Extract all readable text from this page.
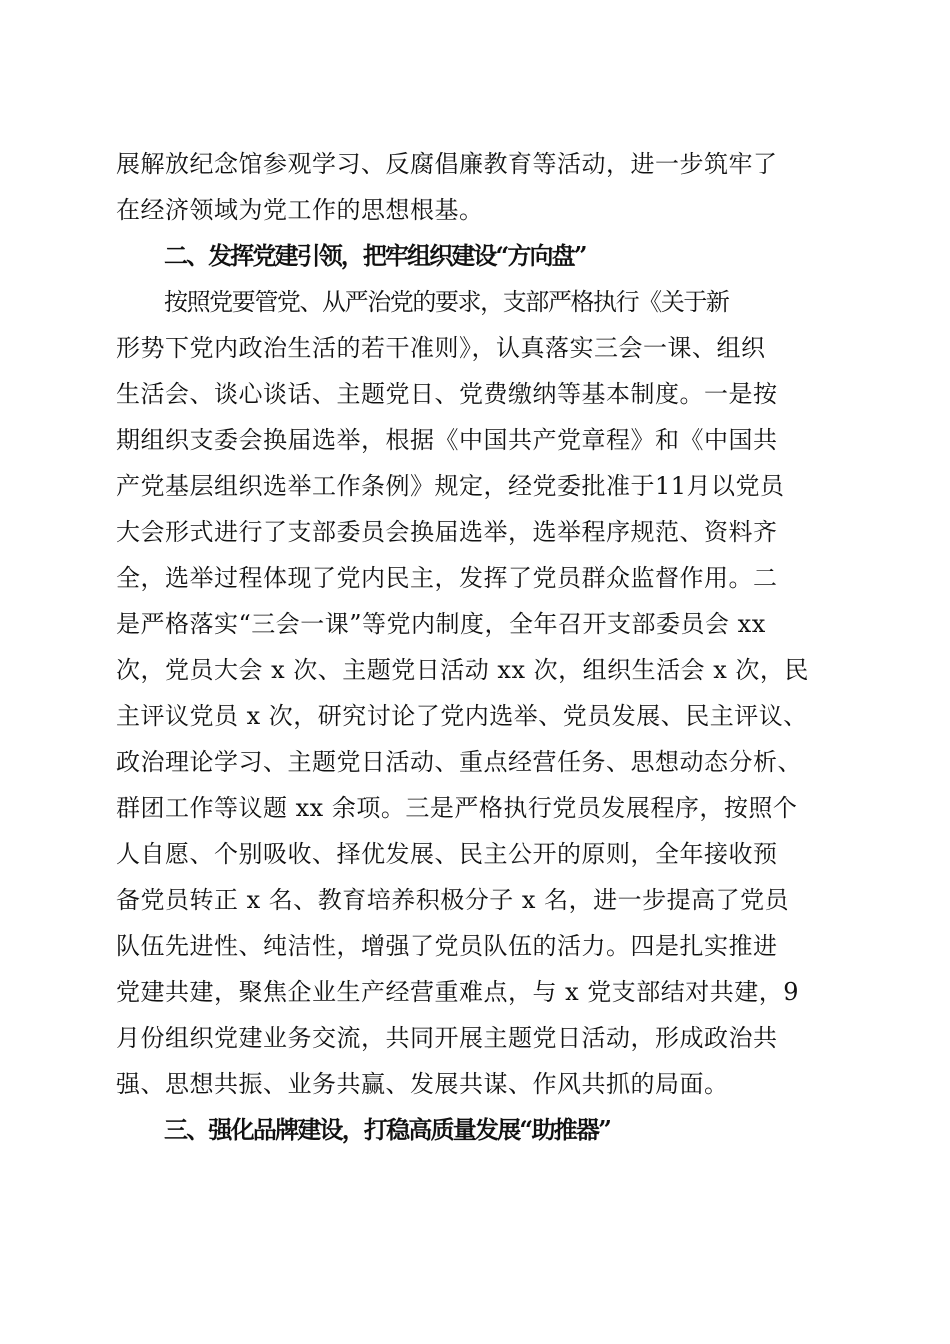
展解放纪念馆参观学习、反腐倡廉教育等活动，进一步筑牢了
在经济领域为党工作的思想根基。
二、发挥党建引领，把牢组织建设“方向盘”
按照党要管党、从严治党的要求，支部严格执行《关于新
形势下党内政治生活的若干准则》，认真落实三会一课、组织
生活会、谈心谈话、主题党日、党费缴纳等基本制度。一是按
期组织支委会换届选举，根据《中国共产党章程》和《中国共
产党基层组织选举工作条例》规定，经党委批准于11月以党员
大会形式进行了支部委员会换届选举，选举程序规范、资料齐
全，选举过程体现了党内民主，发挥了党员群众监督作用。二
是严格落实“三会一课”等党内制度，全年召开支部委员会 xx
次，党员大会 x 次、主题党日活动 xx 次，组织生活会 x 次，民
主评议党员 x 次，研究讨论了党内选举、党员发展、民主评议、
政治理论学习、主题党日活动、重点经营任务、思想动态分析、
群团工作等议题 xx 余项。三是严格执行党员发展程序，按照个
人自愿、个别吸收、择优发展、民主公开的原则，全年接收预
备党员转正 x 名、教育培养积极分子 x 名，进一步提高了党员
队伍先进性、纯洁性，增强了党员队伍的活力。四是扎实推进
党建共建，聚焦企业生产经营重难点，与 x 党支部结对共建，9
月份组织党建业务交流，共同开展主题党日活动，形成政治共
强、思想共振、业务共赢、发展共谋、作风共抓的局面。
三、强化品牌建设，打稳高质量发展“助推器”
